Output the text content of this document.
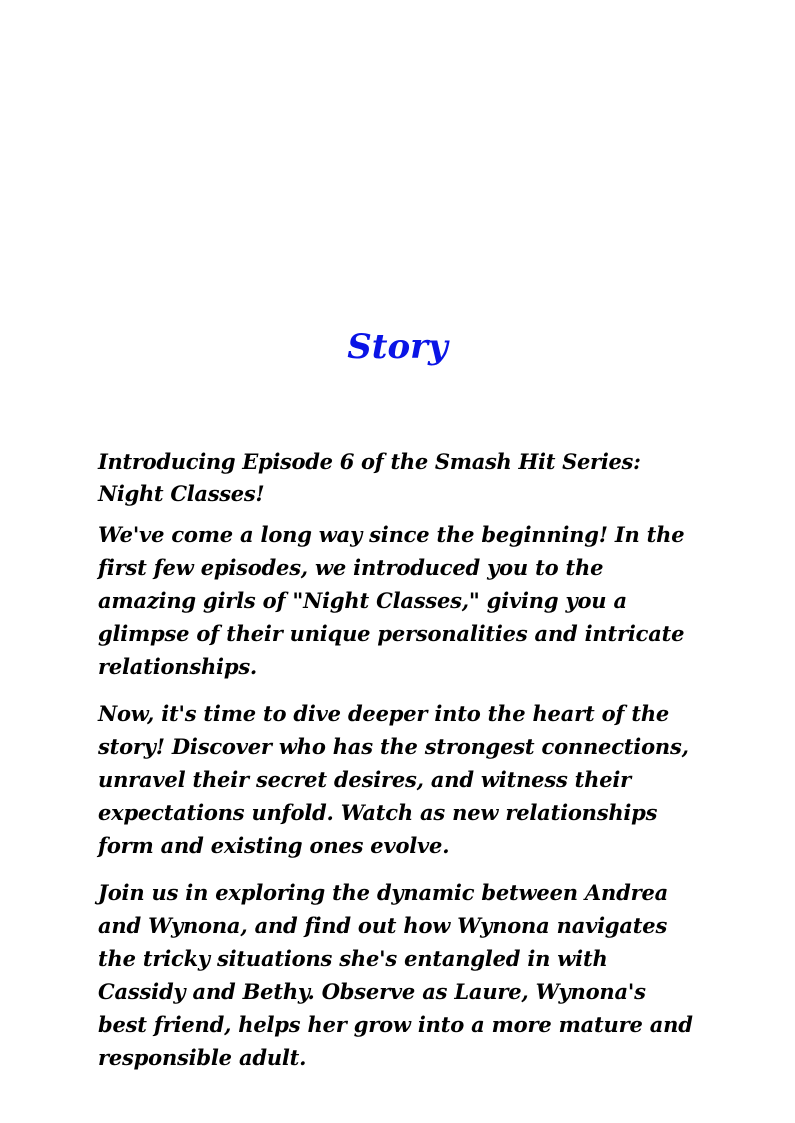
Story

Introducing Episode 6 of the Smash Hit Series: Night Classes!

We've come a long way since the beginning! In the first few episodes, we introduced you to the amazing girls of "Night Classes," giving you a glimpse of their unique personalities and intricate relationships.

Now, it's time to dive deeper into the heart of the story! Discover who has the strongest connections, unravel their secret desires, and witness their expectations unfold. Watch as new relationships form and existing ones evolve.

Join us in exploring the dynamic between Andrea and Wynona, and find out how Wynona navigates the tricky situations she's entangled in with Cassidy and Bethy. Observe as Laure, Wynona's best friend, helps her grow into a more mature and responsible adult.
